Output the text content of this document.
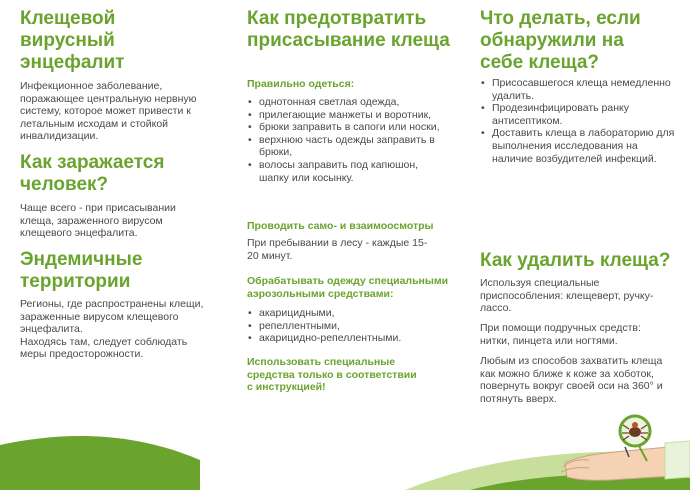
Клещевой
вирусный
энцефалит

Инфекционное заболевание, поражающее центральную нервную систему, которое может привести к летальным исходам и стойкой инвалидизации.

Как заражается человек?

Чаще всего - при присасывании клеща, зараженного вирусом клещевого энцефалита.

Эндемичные территории

Регионы, где распространены клещи, зараженные вирусом клещевого энцефалита.
Находясь там, следует соблюдать меры предосторожности.

Как предотвратить присасывание клеща

Правильно одеться:

• однотонная светлая одежда,
• прилегающие манжеты и воротник,
• брюки заправить в сапоги или носки,
• верхнюю часть одежды заправить в брюки,
• волосы заправить под капюшон, шапку или косынку.

Проводить само- и взаимоосмотры

При пребывании в лесу - каждые 15-20 минут.

Обрабатывать одежду специальными аэрозольными средствами:

• акарицидными,
• репеллентными,
• акарицидно-репеллентными.

Использовать специальные средства только в соответствии с инструкцией!

Что делать, если обнаружили на себе клеща?
• Присосавшегося клеща немедленно удалить.
• Продезинфицировать ранку антисептиком.
• Доставить клеща в лабораторию для выполнения исследования на наличие возбудителей инфекций.
Как удалить клеща?

Используя специальные приспособления: клещеверт, ручку-лассо.

При помощи подручных средств: нитки, пинцета или ногтями.

Любым из способов захватить клеща как можно ближе к коже за хоботок, повернуть вокруг своей оси на 360° и потянуть вверх.
